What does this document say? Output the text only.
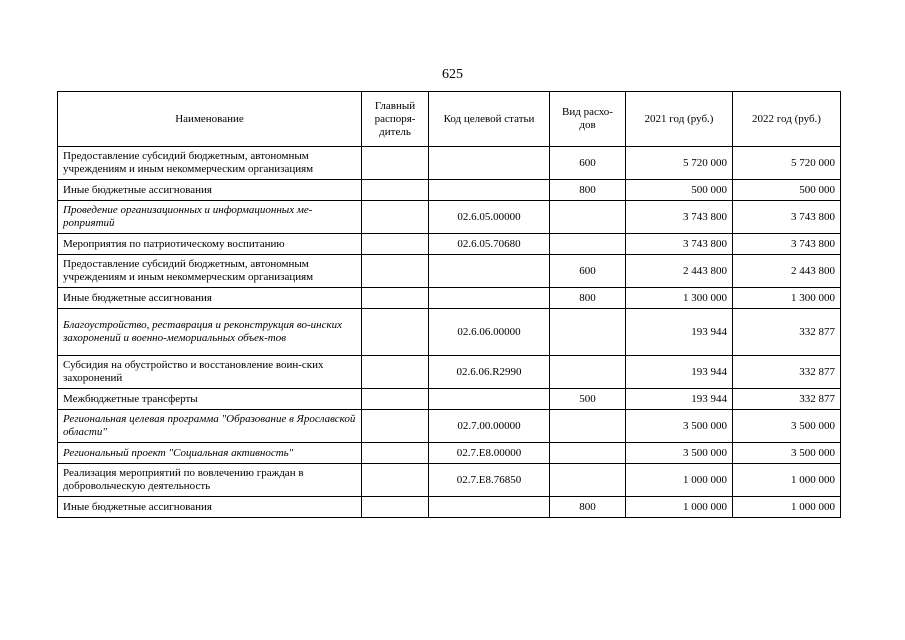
625
Наименование	Главный распоря-дитель	Код целевой статьи	Вид расхо-дов	2021 год (руб.)	2022 год (руб.)
Предоставление субсидий бюджетным, автономным учреждениям и иным некоммерческим организациям			600	5 720 000	5 720 000
Иные бюджетные ассигнования			800	500 000	500 000
Проведение организационных и информационных ме-роприятий		02.6.05.00000		3 743 800	3 743 800
Мероприятия по патриотическому воспитанию		02.6.05.70680		3 743 800	3 743 800
Предоставление субсидий бюджетным, автономным учреждениям и иным некоммерческим организациям			600	2 443 800	2 443 800
Иные бюджетные ассигнования			800	1 300 000	1 300 000
Благоустройство, реставрация и реконструкция во-инских захоронений и военно-мемориальных объек-тов		02.6.06.00000		193 944	332 877
Субсидия на обустройство и восстановление воин-ских захоронений		02.6.06.R2990		193 944	332 877
Межбюджетные трансферты			500	193 944	332 877
Региональная целевая программа "Образование в Ярославской области"		02.7.00.00000		3 500 000	3 500 000
Региональный проект "Социальная активность"		02.7.E8.00000		3 500 000	3 500 000
Реализация мероприятий по вовлечению граждан в добровольческую деятельность		02.7.E8.76850		1 000 000	1 000 000
Иные бюджетные ассигнования			800	1 000 000	1 000 000
